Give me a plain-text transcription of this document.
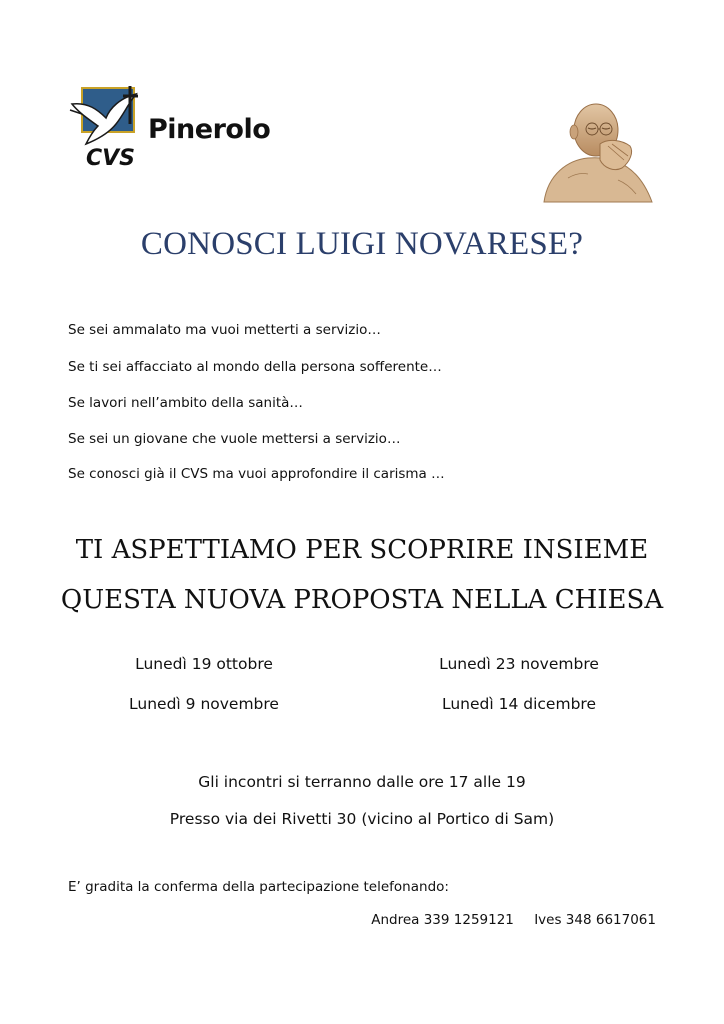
Pinerolo
CVS
CONOSCI LUIGI NOVARESE?
Se sei ammalato ma vuoi metterti a servizio…
Se ti sei affacciato al mondo della persona sofferente…
Se lavori nell’ambito della sanità…
Se sei un giovane che vuole mettersi a servizio…
Se conosci già il CVS ma vuoi approfondire il carisma …
TI ASPETTIAMO PER SCOPRIRE INSIEME
QUESTA NUOVA PROPOSTA NELLA CHIESA
Lunedì 19 ottobre	Lunedì 23 novembre
Lunedì 9 novembre	Lunedì 14 dicembre
Gli incontri si terranno dalle ore 17 alle 19
Presso via dei Rivetti 30 (vicino al Portico di Sam)
E’ gradita la conferma della partecipazione telefonando:
Andrea 339 1259121 Ives 348 6617061
